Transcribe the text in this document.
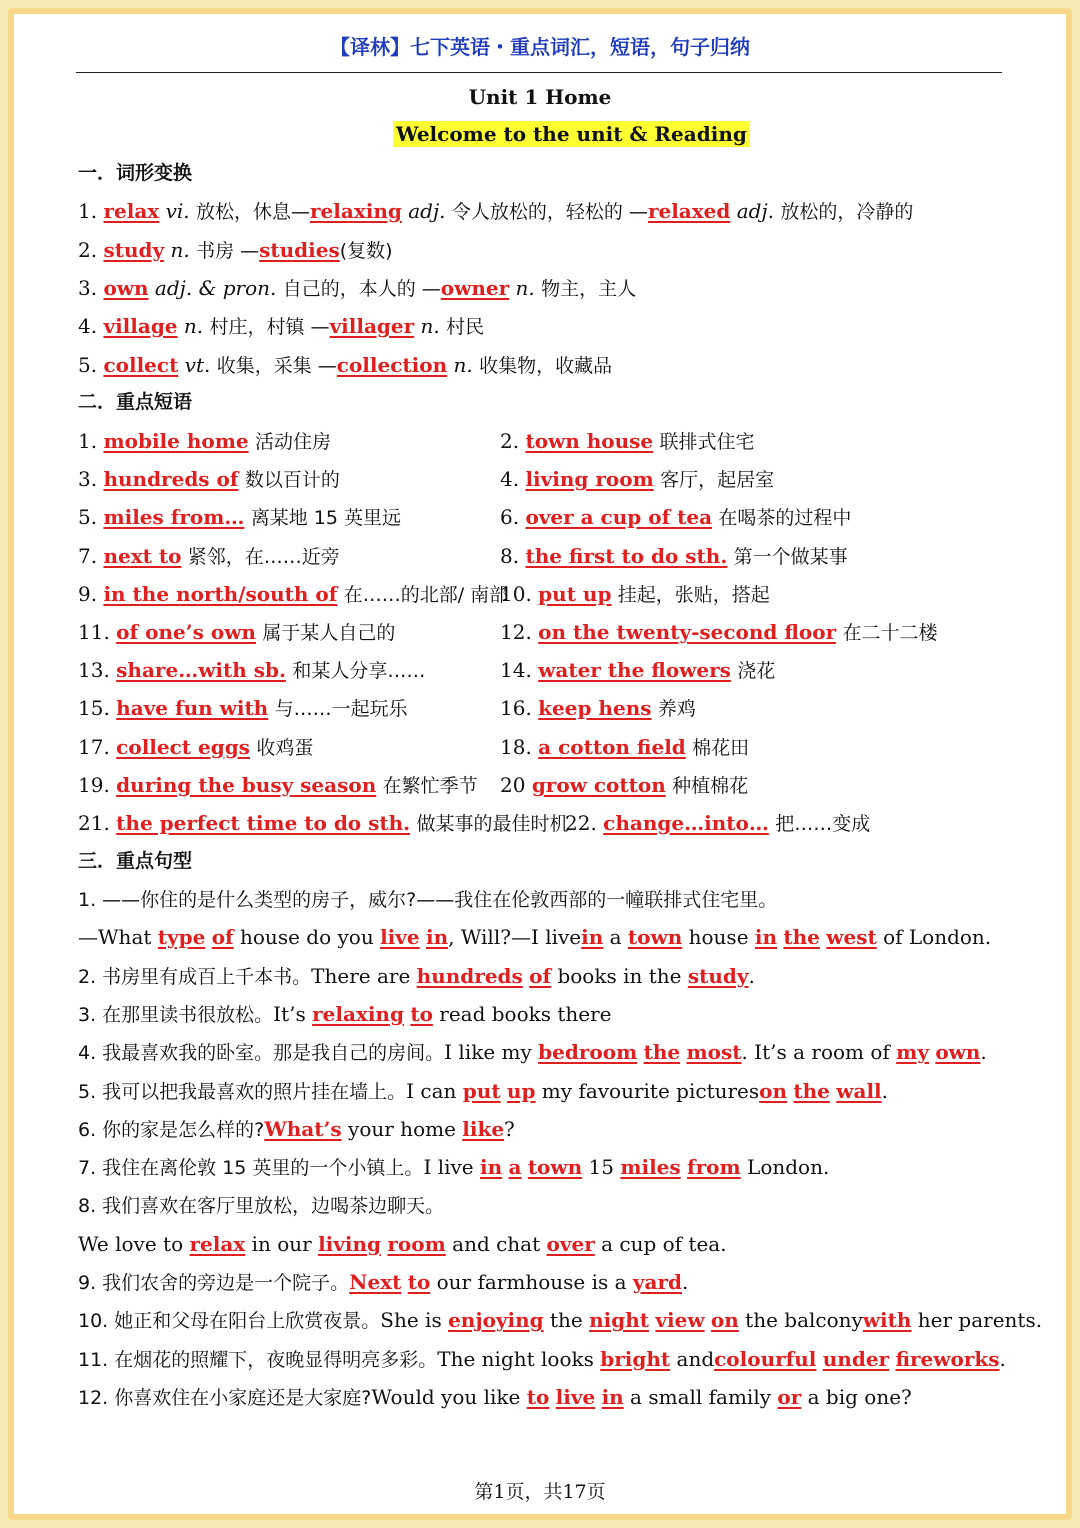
【译林】七下英语・重点词汇，短语，句子归纳
Unit 1 Home
Welcome to the unit & Reading
一．词形变换
1. relax vi. 放松，休息—relaxing adj. 令人放松的，轻松的 —relaxed adj. 放松的，冷静的
2. study n. 书房 —studies(复数)
3. own adj. & pron. 自己的，本人的 —owner n. 物主，主人
4. village n. 村庄，村镇 —villager n. 村民
5. collect vt. 收集，采集 —collection n. 收集物，收藏品
二．重点短语
1. mobile home 活动住房	2. town house 联排式住宅
3. hundreds of 数以百计的	4. living room 客厅，起居室
5. miles from… 离某地 15 英里远	6. over a cup of tea 在喝茶的过程中
7. next to 紧邻，在……近旁	8. the first to do sth. 第一个做某事
9. in the north/south of 在……的北部/ 南部
10. put up 挂起，张贴，搭起
11. of one’s own 属于某人自己的	12. on the twenty-second floor 在二十二楼
13. share…with sb. 和某人分享……	14. water the flowers 浇花
15. have fun with 与……一起玩乐	16. keep hens 养鸡
17. collect eggs 收鸡蛋	18. a cotton field 棉花田
19. during the busy season 在繁忙季节 20 grow cotton 种植棉花
21. the perfect time to do sth. 做某事的最佳时机
22. change…into… 把……变成
三．重点句型
1. ——你住的是什么类型的房子，威尔?——我住在伦敦西部的一幢联排式住宅里。
—What type of house do you live in, Will?—I livein a town house in the west of London.
2. 书房里有成百上千本书。There are hundreds of books in the study.
3. 在那里读书很放松。It’s relaxing to read books there
4. 我最喜欢我的卧室。那是我自己的房间。I like my bedroom the most. It’s a room of my own.
5. 我可以把我最喜欢的照片挂在墙上。I can put up my favourite pictureson the wall.
6. 你的家是怎么样的?What’s your home like?
7. 我住在离伦敦 15 英里的一个小镇上。I live in a town 15 miles from London.
8. 我们喜欢在客厅里放松，边喝茶边聊天。
We love to relax in our living room and chat over a cup of tea.
9. 我们农舍的旁边是一个院子。Next to our farmhouse is a yard.
10. 她正和父母在阳台上欣赏夜景。She is enjoying the night view on the balconywith her parents.
11. 在烟花的照耀下，夜晚显得明亮多彩。The night looks bright andcolourful under fireworks.
12. 你喜欢住在小家庭还是大家庭?Would you like to live in a small family or a big one?
第1页，共17页
